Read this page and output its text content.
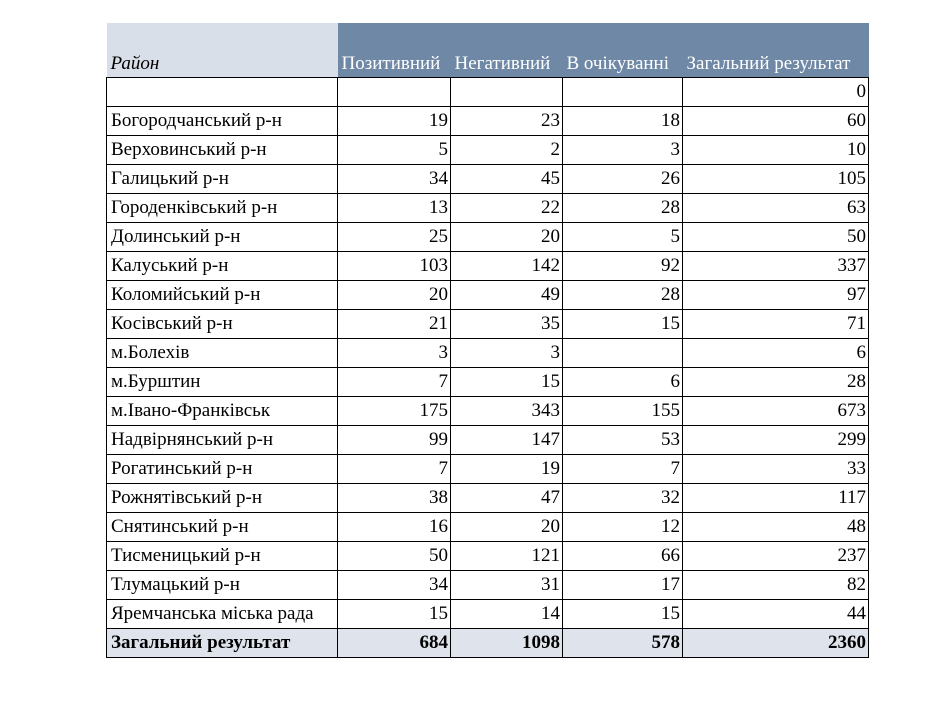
Район	Позитивний	Негативний	В очікуванні	Загальний результат
				0
Богородчанський р-н	19	23	18	60
Верховинський р-н	5	2	3	10
Галицький р-н	34	45	26	105
Городенківський р-н	13	22	28	63
Долинський р-н	25	20	5	50
Калуський р-н	103	142	92	337
Коломийський р-н	20	49	28	97
Косівський р-н	21	35	15	71
м.Болехів	3	3		6
м.Бурштин	7	15	6	28
м.Івано-Франківськ	175	343	155	673
Надвірнянський р-н	99	147	53	299
Рогатинський р-н	7	19	7	33
Рожнятівський р-н	38	47	32	117
Снятинський р-н	16	20	12	48
Тисменицький р-н	50	121	66	237
Тлумацький р-н	34	31	17	82
Яремчанська міська рада	15	14	15	44
Загальний результат	684	1098	578	2360
